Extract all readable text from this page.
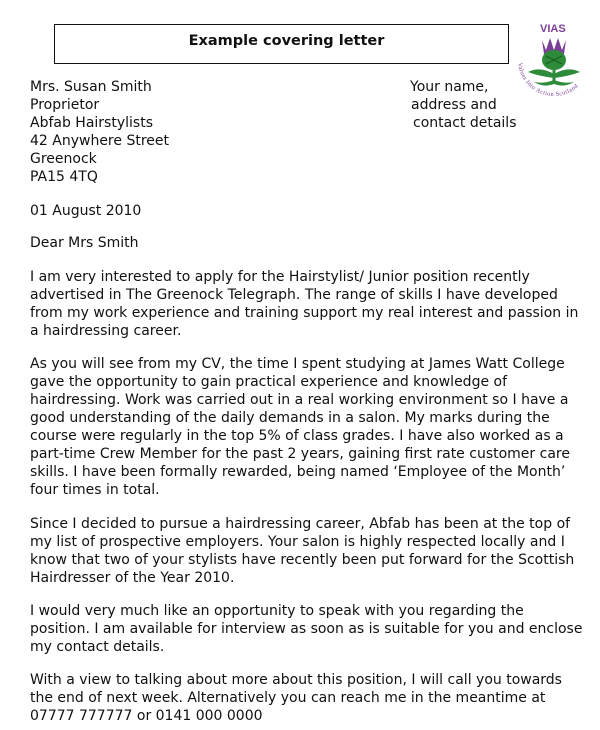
Example covering letter
VIAS
Values Into Action Scotland
Mrs. Susan Smith
Proprietor
Abfab Hairstylists
42 Anywhere Street
Greenock
PA15 4TQ
Your name,
address and
contact details

01 August 2010

Dear Mrs Smith

I am very interested to apply for the Hairstylist/ Junior position recently
advertised in The Greenock Telegraph. The range of skills I have developed
from my work experience and training support my real interest and passion in
a hairdressing career.

As you will see from my CV, the time I spent studying at James Watt College
gave the opportunity to gain practical experience and knowledge of
hairdressing. Work was carried out in a real working environment so I have a
good understanding of the daily demands in a salon. My marks during the
course were regularly in the top 5% of class grades. I have also worked as a
part-time Crew Member for the past 2 years, gaining first rate customer care
skills. I have been formally rewarded, being named ‘Employee of the Month’
four times in total.

Since I decided to pursue a hairdressing career, Abfab has been at the top of
my list of prospective employers. Your salon is highly respected locally and I
know that two of your stylists have recently been put forward for the Scottish
Hairdresser of the Year 2010.

I would very much like an opportunity to speak with you regarding the
position. I am available for interview as soon as is suitable for you and enclose
my contact details.

With a view to talking about more about this position, I will call you towards
the end of next week. Alternatively you can reach me in the meantime at
07777 777777 or 0141 000 0000
